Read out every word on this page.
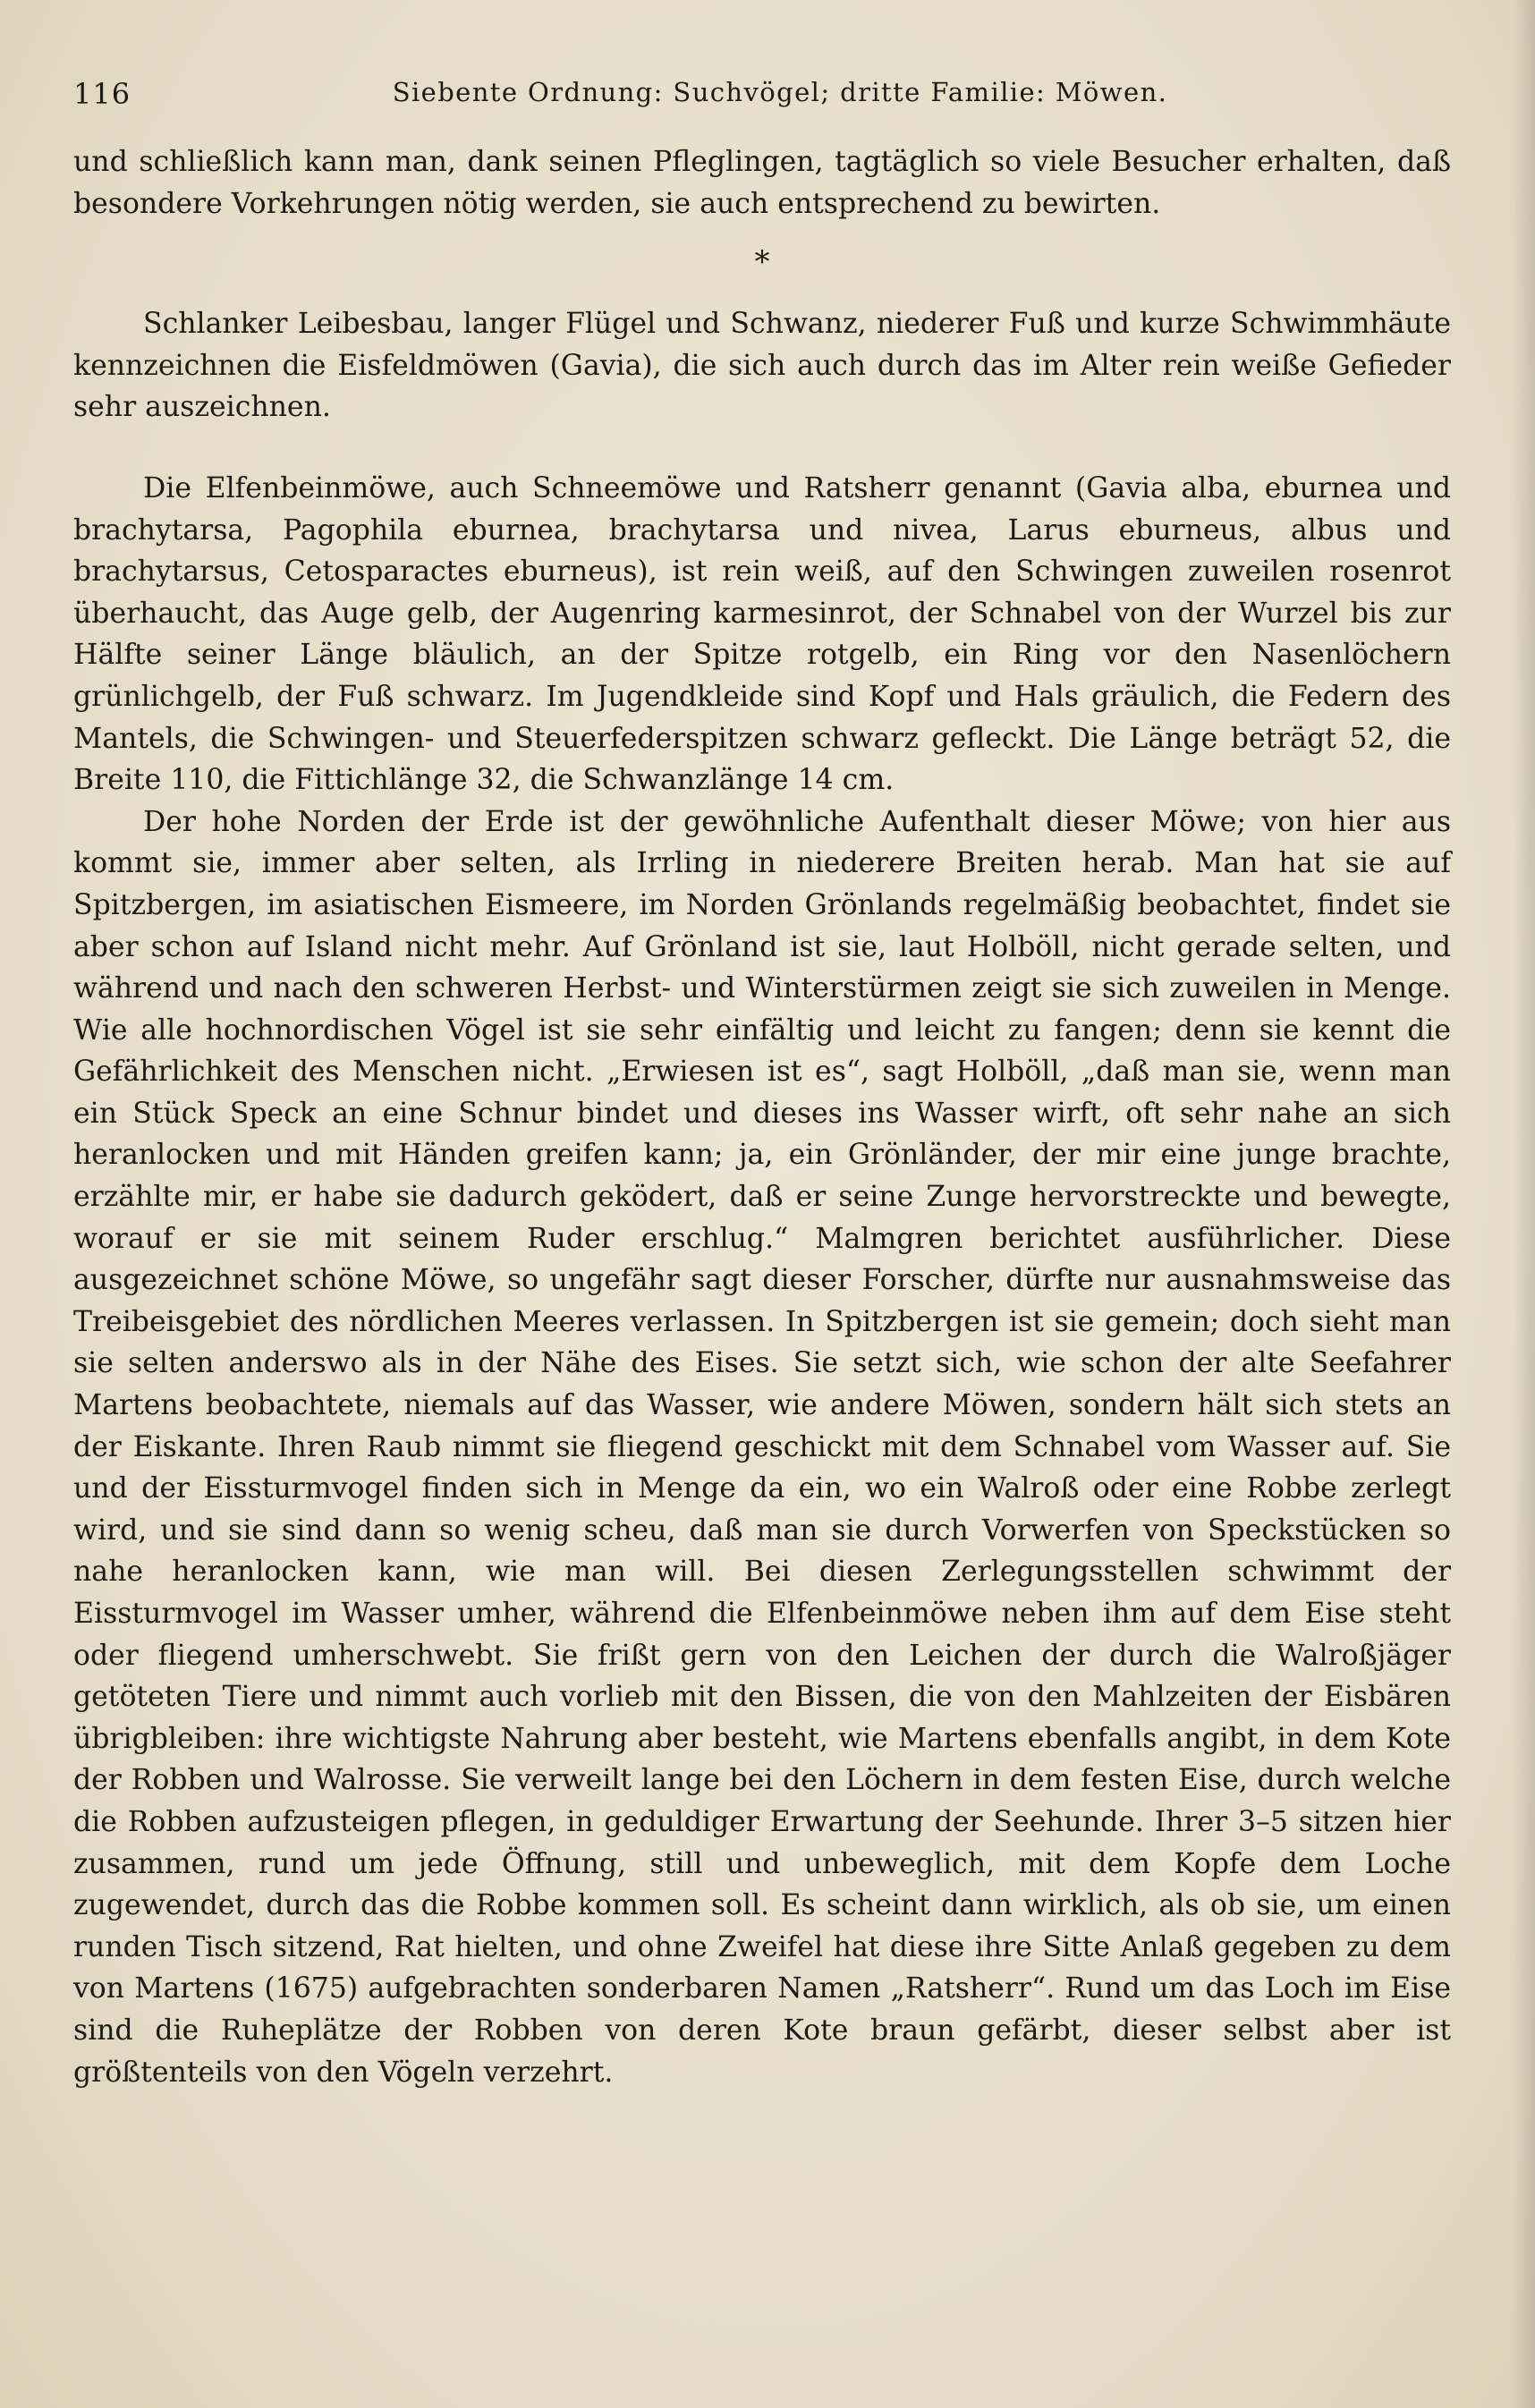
116	Siebente Ordnung: Suchvögel; dritte Familie: Möwen.

und schließlich kann man, dank seinen Pfleglingen, tagtäglich so viele Besucher erhalten, daß besondere Vorkehrungen nötig werden, sie auch entsprechend zu bewirten.

*

Schlanker Leibesbau, langer Flügel und Schwanz, niederer Fuß und kurze Schwimmhäute kennzeichnen die Eisfeldmöwen (Gavia), die sich auch durch das im Alter rein weiße Gefieder sehr auszeichnen.

Die Elfenbeinmöwe, auch Schneemöwe und Ratsherr genannt (Gavia alba, eburnea und brachytarsa, Pagophila eburnea, brachytarsa und nivea, Larus eburneus, albus und brachytarsus, Cetosparactes eburneus), ist rein weiß, auf den Schwingen zuweilen rosenrot überhaucht, das Auge gelb, der Augenring karmesinrot, der Schnabel von der Wurzel bis zur Hälfte seiner Länge bläulich, an der Spitze rotgelb, ein Ring vor den Nasenlöchern grünlichgelb, der Fuß schwarz. Im Jugendkleide sind Kopf und Hals gräulich, die Federn des Mantels, die Schwingen- und Steuerfederspitzen schwarz gefleckt. Die Länge beträgt 52, die Breite 110, die Fittichlänge 32, die Schwanzlänge 14 cm.

Der hohe Norden der Erde ist der gewöhnliche Aufenthalt dieser Möwe; von hier aus kommt sie, immer aber selten, als Irrling in niederere Breiten herab. Man hat sie auf Spitzbergen, im asiatischen Eismeere, im Norden Grönlands regelmäßig beobachtet, findet sie aber schon auf Island nicht mehr. Auf Grönland ist sie, laut Holböll, nicht gerade selten, und während und nach den schweren Herbst- und Winterstürmen zeigt sie sich zuweilen in Menge. Wie alle hochnordischen Vögel ist sie sehr einfältig und leicht zu fangen; denn sie kennt die Gefährlichkeit des Menschen nicht. „Erwiesen ist es“, sagt Holböll, „daß man sie, wenn man ein Stück Speck an eine Schnur bindet und dieses ins Wasser wirft, oft sehr nahe an sich heranlocken und mit Händen greifen kann; ja, ein Grönländer, der mir eine junge brachte, erzählte mir, er habe sie dadurch geködert, daß er seine Zunge hervorstreckte und bewegte, worauf er sie mit seinem Ruder erschlug.“ Malmgren berichtet ausführlicher. Diese ausgezeichnet schöne Möwe, so ungefähr sagt dieser Forscher, dürfte nur ausnahmsweise das Treibeisgebiet des nördlichen Meeres verlassen. In Spitzbergen ist sie gemein; doch sieht man sie selten anderswo als in der Nähe des Eises. Sie setzt sich, wie schon der alte Seefahrer Martens beobachtete, niemals auf das Wasser, wie andere Möwen, sondern hält sich stets an der Eiskante. Ihren Raub nimmt sie fliegend geschickt mit dem Schnabel vom Wasser auf. Sie und der Eissturmvogel finden sich in Menge da ein, wo ein Walroß oder eine Robbe zerlegt wird, und sie sind dann so wenig scheu, daß man sie durch Vorwerfen von Speckstücken so nahe heranlocken kann, wie man will. Bei diesen Zerlegungsstellen schwimmt der Eissturmvogel im Wasser umher, während die Elfenbeinmöwe neben ihm auf dem Eise steht oder fliegend umherschwebt. Sie frißt gern von den Leichen der durch die Walroßjäger getöteten Tiere und nimmt auch vorlieb mit den Bissen, die von den Mahlzeiten der Eisbären übrigbleiben: ihre wichtigste Nahrung aber besteht, wie Martens ebenfalls angibt, in dem Kote der Robben und Walrosse. Sie verweilt lange bei den Löchern in dem festen Eise, durch welche die Robben aufzusteigen pflegen, in geduldiger Erwartung der Seehunde. Ihrer 3–5 sitzen hier zusammen, rund um jede Öffnung, still und unbeweglich, mit dem Kopfe dem Loche zugewendet, durch das die Robbe kommen soll. Es scheint dann wirklich, als ob sie, um einen runden Tisch sitzend, Rat hielten, und ohne Zweifel hat diese ihre Sitte Anlaß gegeben zu dem von Martens (1675) aufgebrachten sonderbaren Namen „Ratsherr“. Rund um das Loch im Eise sind die Ruheplätze der Robben von deren Kote braun gefärbt, dieser selbst aber ist größtenteils von den Vögeln verzehrt.
